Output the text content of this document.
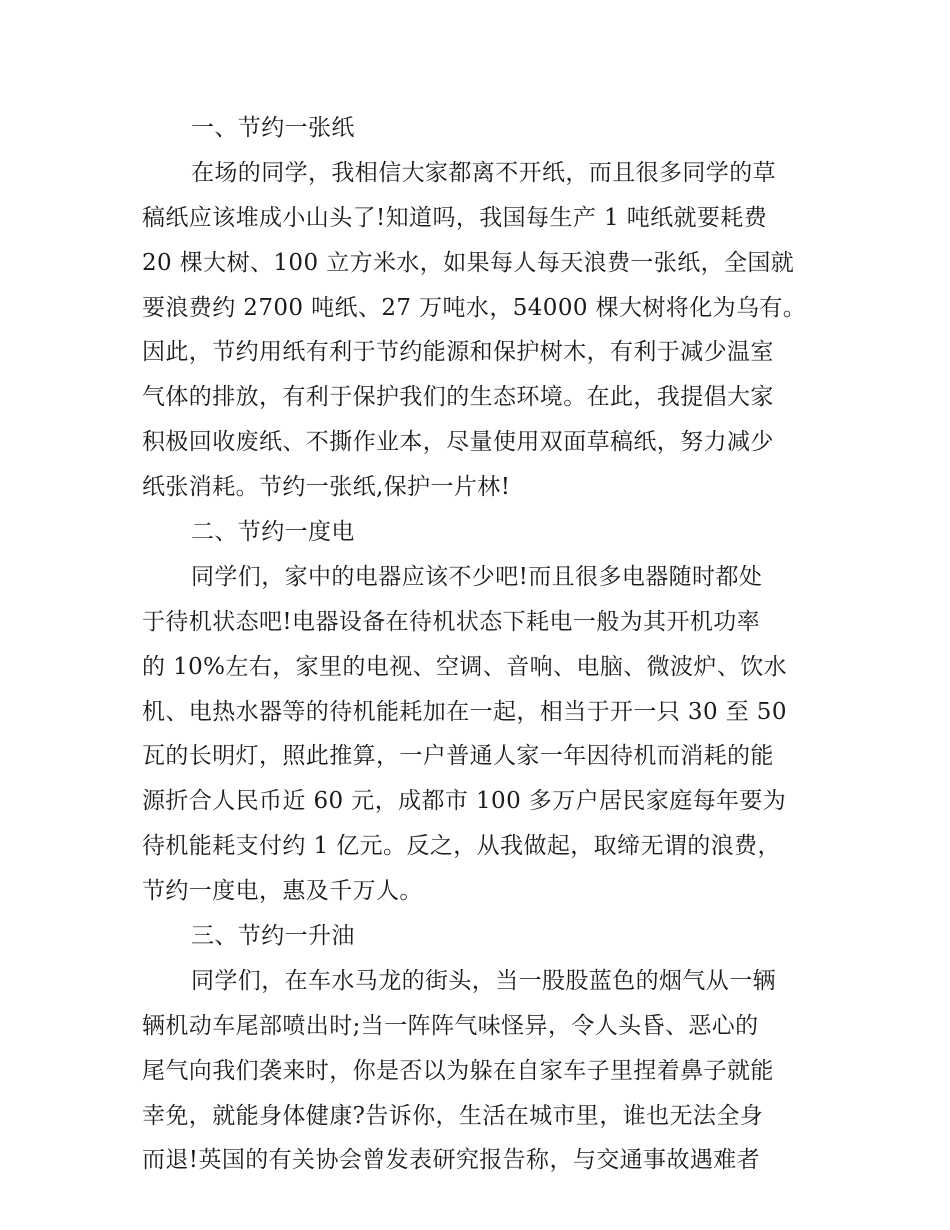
一、节约一张纸
在场的同学，我相信大家都离不开纸，而且很多同学的草
稿纸应该堆成小山头了!知道吗，我国每生产 1 吨纸就要耗费
20 棵大树、100 立方米水，如果每人每天浪费一张纸，全国就
要浪费约 2700 吨纸、27 万吨水，54000 棵大树将化为乌有。
因此，节约用纸有利于节约能源和保护树木，有利于减少温室
气体的排放，有利于保护我们的生态环境。在此，我提倡大家
积极回收废纸、不撕作业本，尽量使用双面草稿纸，努力减少
纸张消耗。节约一张纸,保护一片林!
二、节约一度电
同学们，家中的电器应该不少吧!而且很多电器随时都处
于待机状态吧!电器设备在待机状态下耗电一般为其开机功率
的 10%左右，家里的电视、空调、音响、电脑、微波炉、饮水
机、电热水器等的待机能耗加在一起，相当于开一只 30 至 50
瓦的长明灯，照此推算，一户普通人家一年因待机而消耗的能
源折合人民币近 60 元，成都市 100 多万户居民家庭每年要为
待机能耗支付约 1 亿元。反之，从我做起，取缔无谓的浪费，
节约一度电，惠及千万人。
三、节约一升油
同学们，在车水马龙的街头，当一股股蓝色的烟气从一辆
辆机动车尾部喷出时;当一阵阵气味怪异，令人头昏、恶心的
尾气向我们袭来时，你是否以为躲在自家车子里捏着鼻子就能
幸免，就能身体健康?告诉你，生活在城市里，谁也无法全身
而退!英国的有关协会曾发表研究报告称，与交通事故遇难者
